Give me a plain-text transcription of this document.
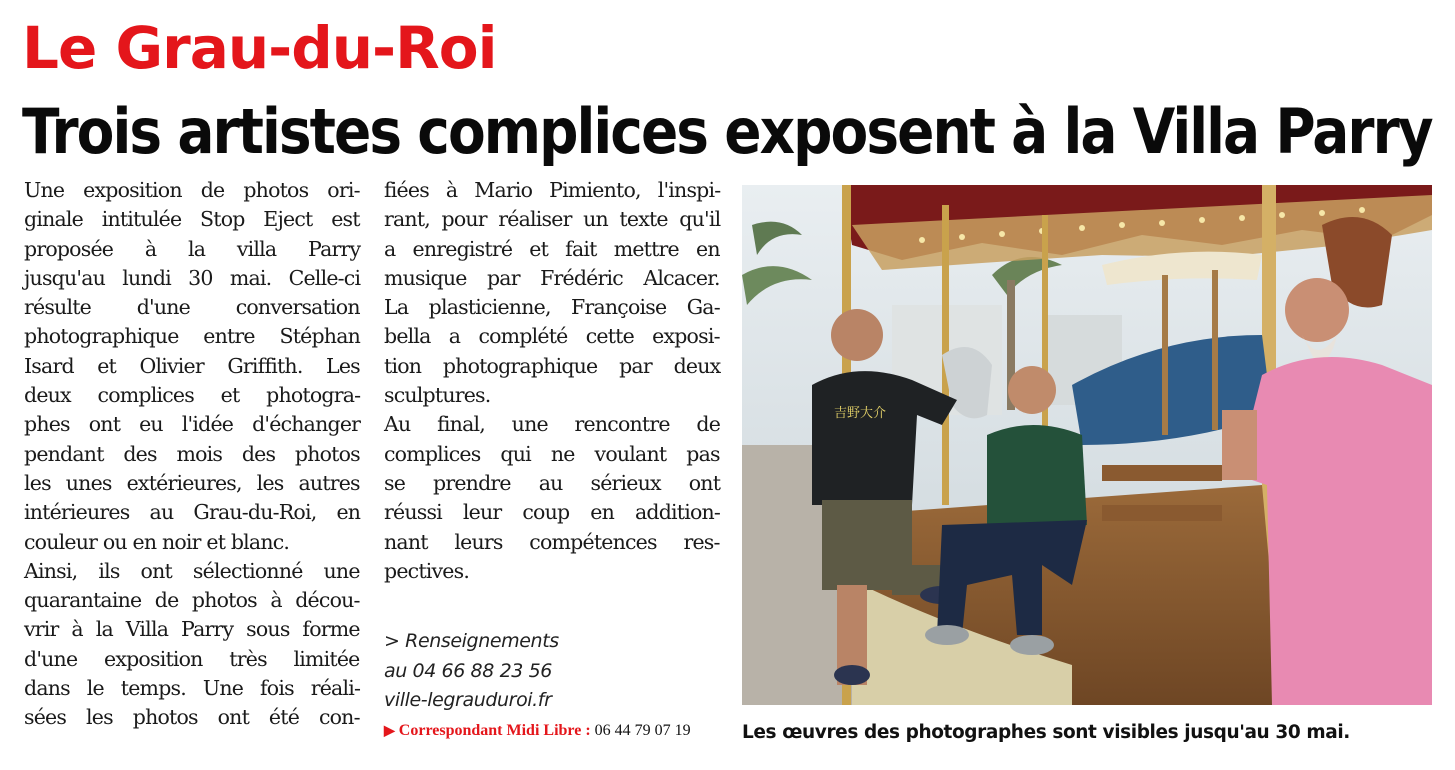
Le Grau-du-Roi
Trois artistes complices exposent à la Villa Parry
Une exposition de photos ori-
ginale intitulée Stop Eject est
proposée à la villa Parry
jusqu'au lundi 30 mai. Celle-ci
résulte d'une conversation
photographique entre Stéphan
Isard et Olivier Griffith. Les
deux complices et photogra-
phes ont eu l'idée d'échanger
pendant des mois des photos
les unes extérieures, les autres
intérieures au Grau-du-Roi, en
couleur ou en noir et blanc.
Ainsi, ils ont sélectionné une
quarantaine de photos à décou-
vrir à la Villa Parry sous forme
d'une exposition très limitée
dans le temps. Une fois réali-
sées les photos ont été con-
fiées à Mario Pimiento, l'inspi-
rant, pour réaliser un texte qu'il
a enregistré et fait mettre en
musique par Frédéric Alcacer.
La plasticienne, Françoise Ga-
bella a complété cette exposi-
tion photographique par deux
sculptures.
Au final, une rencontre de
complices qui ne voulant pas
se prendre au sérieux ont
réussi leur coup en addition-
nant leurs compétences res-
pectives.
> Renseignements
au 04 66 88 23 56
ville-legrauduroi.fr
▶ Correspondant Midi Libre : 06 44 79 07 19
吉野大介
Les œuvres des photographes sont visibles jusqu'au 30 mai.
